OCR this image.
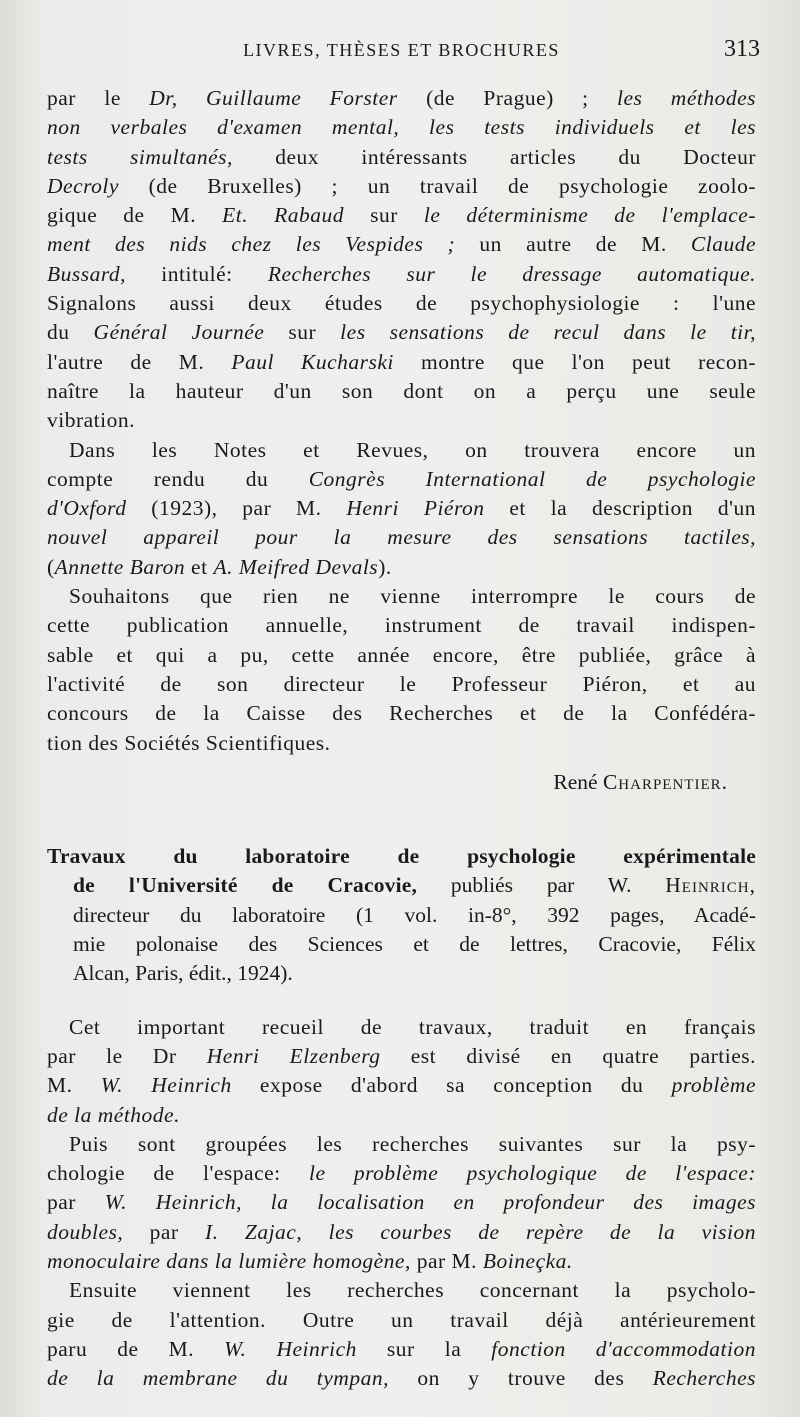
LIVRES, THÈSES ET BROCHURES	313
par le Dr, Guillaume Forster (de Prague) ; les méthodes
non verbales d'examen mental, les tests individuels et les
tests simultanés, deux intéressants articles du Docteur
Decroly (de Bruxelles) ; un travail de psychologie zoolo-
gique de M. Et. Rabaud sur le déterminisme de l'emplace-
ment des nids chez les Vespides ; un autre de M. Claude
Bussard, intitulé: Recherches sur le dressage automatique.
Signalons aussi deux études de psychophysiologie : l'une
du Général Journée sur les sensations de recul dans le tir,
l'autre de M. Paul Kucharski montre que l'on peut recon-
naître la hauteur d'un son dont on a perçu une seule
vibration.
Dans les Notes et Revues, on trouvera encore un
compte rendu du Congrès International de psychologie
d'Oxford (1923), par M. Henri Piéron et la description d'un
nouvel appareil pour la mesure des sensations tactiles,
(Annette Baron et A. Meifred Devals).
Souhaitons que rien ne vienne interrompre le cours de
cette publication annuelle, instrument de travail indispen-
sable et qui a pu, cette année encore, être publiée, grâce à
l'activité de son directeur le Professeur Piéron, et au
concours de la Caisse des Recherches et de la Confédéra-
tion des Sociétés Scientifiques.
René Charpentier.
Travaux du laboratoire de psychologie expérimentale
de l'Université de Cracovie, publiés par W. Heinrich,
directeur du laboratoire (1 vol. in-8°, 392 pages, Acadé-
mie polonaise des Sciences et de lettres, Cracovie, Félix
Alcan, Paris, édit., 1924).
Cet important recueil de travaux, traduit en français
par le Dr Henri Elzenberg est divisé en quatre parties.
M. W. Heinrich expose d'abord sa conception du problème
de la méthode.
Puis sont groupées les recherches suivantes sur la psy-
chologie de l'espace: le problème psychologique de l'espace:
par W. Heinrich, la localisation en profondeur des images
doubles, par I. Zajac, les courbes de repère de la vision
monoculaire dans la lumière homogène, par M. Boineçka.
Ensuite viennent les recherches concernant la psycholo-
gie de l'attention. Outre un travail déjà antérieurement
paru de M. W. Heinrich sur la fonction d'accommodation
de la membrane du tympan, on y trouve des Recherches
